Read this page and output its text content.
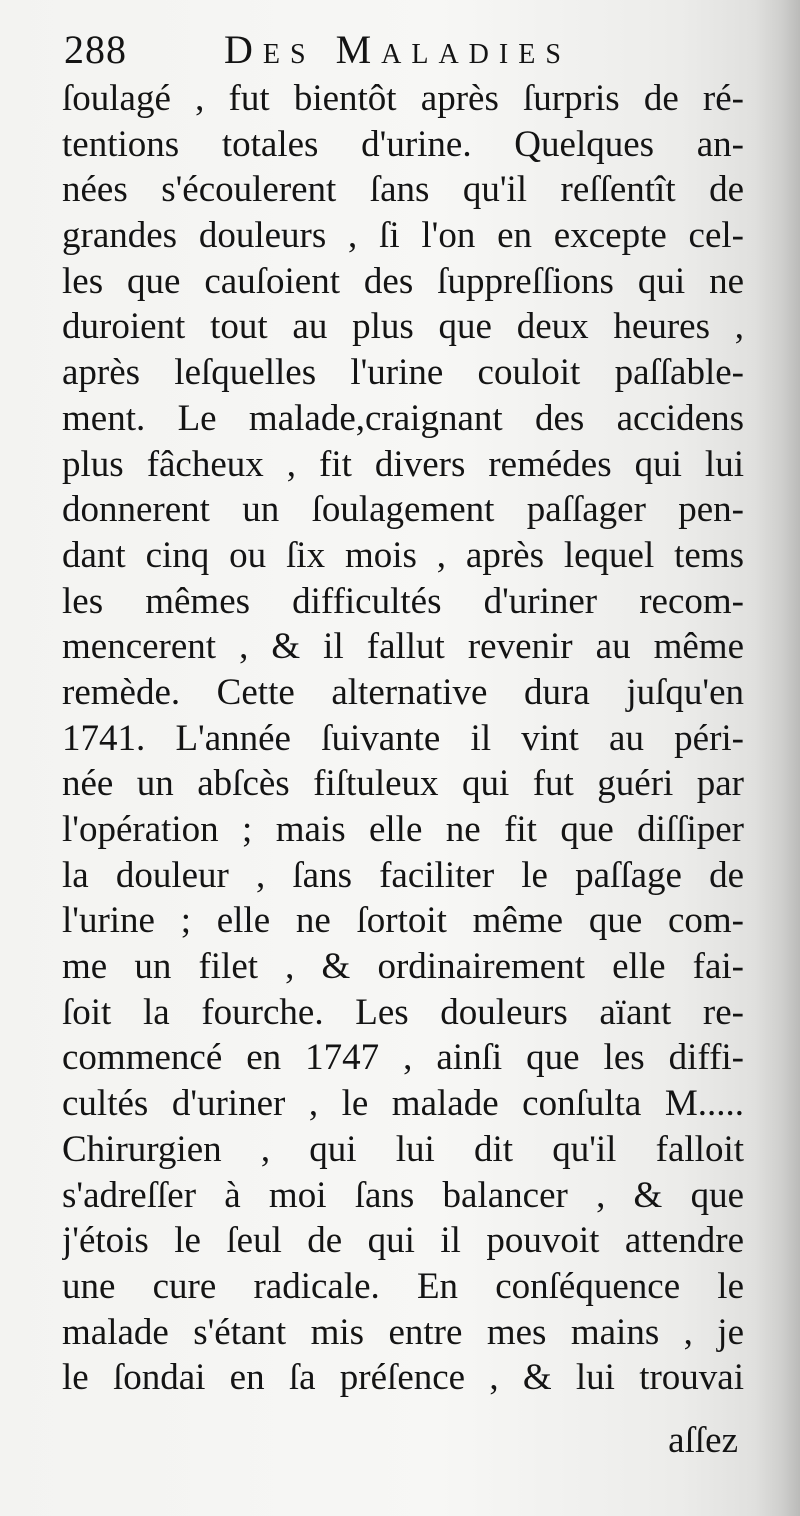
288 Des Maladies
ſoulagé , fut bientôt après ſurpris de ré-
tentions totales d'urine. Quelques an-
nées s'écoulerent ſans qu'il reſſentît de
grandes douleurs , ſi l'on en excepte cel-
les que cauſoient des ſuppreſſions qui ne
duroient tout au plus que deux heures ,
après leſquelles l'urine couloit paſſable-
ment. Le malade,craignant des accidens
plus fâcheux , fit divers remédes qui lui
donnerent un ſoulagement paſſager pen-
dant cinq ou ſix mois , après lequel tems
les mêmes difficultés d'uriner recom-
mencerent , & il fallut revenir au même
remède. Cette alternative dura juſqu'en
1741. L'année ſuivante il vint au péri-
née un abſcès fiſtuleux qui fut guéri par
l'opération ; mais elle ne fit que diſſiper
la douleur , ſans faciliter le paſſage de
l'urine ; elle ne ſortoit même que com-
me un filet , & ordinairement elle fai-
ſoit la fourche. Les douleurs aïant re-
commencé en 1747 , ainſi que les diffi-
cultés d'uriner , le malade conſulta M.....
Chirurgien , qui lui dit qu'il falloit
s'adreſſer à moi ſans balancer , & que
j'étois le ſeul de qui il pouvoit attendre
une cure radicale. En conſéquence le
malade s'étant mis entre mes mains , je
le ſondai en ſa préſence , & lui trouvai
aſſez
